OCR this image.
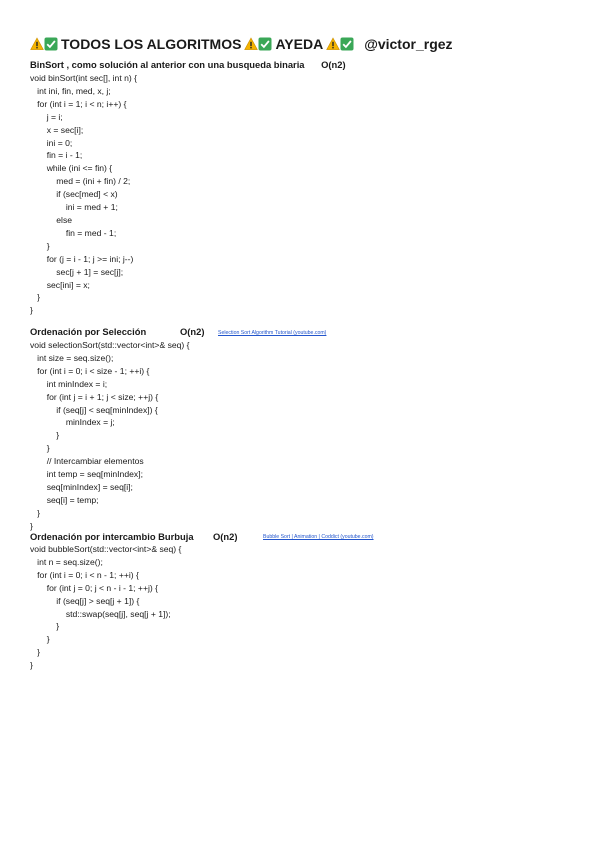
TODOS LOS ALGORITMOS AYEDA	@victor_rgez
BinSort , como solución al anterior con una busqueda binaria O(n2)
void binSort(int sec[], int n) {
int ini, fin, med, x, j;
for (int i = 1; i < n; i++) {
j = i;
x = sec[i];
ini = 0;
fin = i - 1;
while (ini <= fin) {
med = (ini + fin) / 2;
if (sec[med] < x)
ini = med + 1;
else
fin = med - 1;
}
for (j = i - 1; j >= ini; j--)
sec[j + 1] = sec[j];
sec[ini] = x;
}
}
Ordenación por Selección	O(n2)	Selection Sort Algorithm Tutorial (youtube.com)
void selectionSort(std::vector<int>& seq) {
int size = seq.size();
for (int i = 0; i < size - 1; ++i) {
int minIndex = i;
for (int j = i + 1; j < size; ++j) {
if (seq[j] < seq[minIndex]) {
minIndex = j;
}
}
// Intercambiar elementos
int temp = seq[minIndex];
seq[minIndex] = seq[i];
seq[i] = temp;
}
}
Ordenación por intercambio Burbuja O(n2)	Bubble Sort | Animation | Coddict (youtube.com)
void bubbleSort(std::vector<int>& seq) {
int n = seq.size();
for (int i = 0; i < n - 1; ++i) {
for (int j = 0; j < n - i - 1; ++j) {
if (seq[j] > seq[j + 1]) {
std::swap(seq[j], seq[j + 1]);
}
}
}
}
